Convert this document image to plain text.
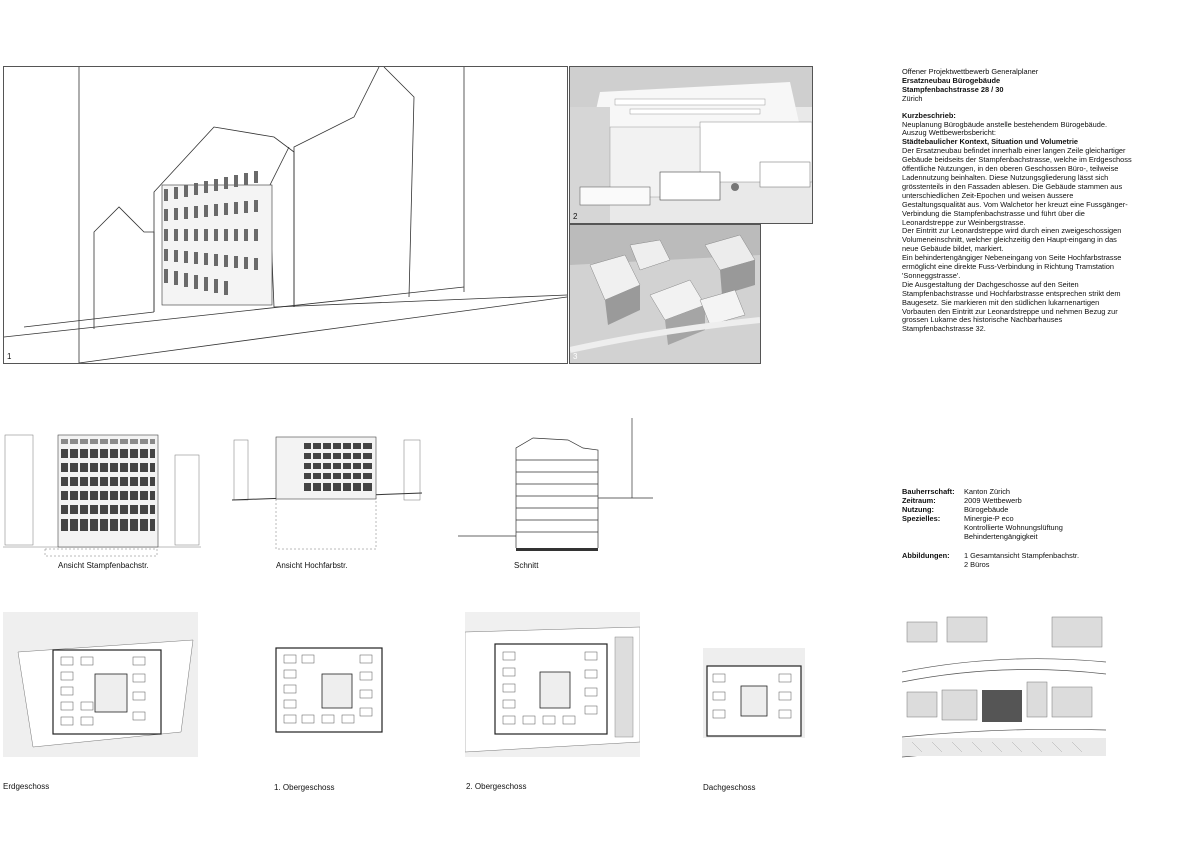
1
2
3

Offener Projektwettbewerb Generalplaner

Ersatzneubau Bürogebäude

Stampfenbachstrasse 28 / 30

Zürich

Kurzbeschrieb:

Neuplanung Bürogbäude anstelle bestehendem Bürogebäude.

Auszug Wettbewerbsbericht:

Städtebaulicher Kontext, Situation und Volumetrie

Der Ersatzneubau befindet innerhalb einer langen Zeile gleichartiger Gebäude beidseits der Stampfenbachstrasse, welche im Erdgeschoss öffentliche Nutzungen, in den oberen Geschossen Büro-, teilweise Ladennutzung beinhalten. Diese Nutzungsgliederung lässt sich grösstenteils in den Fassaden ablesen. Die Gebäude stammen aus unterschiedlichen Zeit-Epochen und weisen äussere Gestaltungsqualität aus. Vom Walchetor her kreuzt eine Fussgänger-Verbindung die Stampfenbachstrasse und führt über die Leonardstreppe zur Weinbergstrasse.

Der Eintritt zur Leonardstreppe wird durch einen zweigeschossigen Volumeneinschnitt, welcher gleichzeitig den Haupt-eingang in das neue Gebäude bildet, markiert.

Ein behindertengängiger Nebeneingang von Seite Hochfarbstrasse ermöglicht eine direkte Fuss-Verbindung in Richtung Tramstation 'Sonneggstrasse'.

Die Ausgestaltung der Dachgeschosse auf den Seiten Stampfenbachstrasse und Hochfarbstrasse entsprechen strikt dem Baugesetz. Sie markieren mit den südlichen lukarnenartigen Vorbauten den Eintritt zur Leonardstreppe und nehmen Bezug zur grossen Lukarne des historische Nachbarhauses Stampfenbachstrasse 32.

Bauherrschaft:	Kanton Zürich
Zeitraum:	2009 Wettbewerb
Nutzung:	Bürogebäude
Spezielles:	Minergie-P eco
Kontrollierte Wohnungslüftung
Behindertengängigkeit
Abbildungen:	1 Gesamtansicht Stampfenbachstr.
2 Büros
Ansicht Stampfenbachstr.	Ansicht Hochfarbstr.	Schnitt
Erdgeschoss	1. Obergeschoss	2. Obergeschoss	Dachgeschoss
